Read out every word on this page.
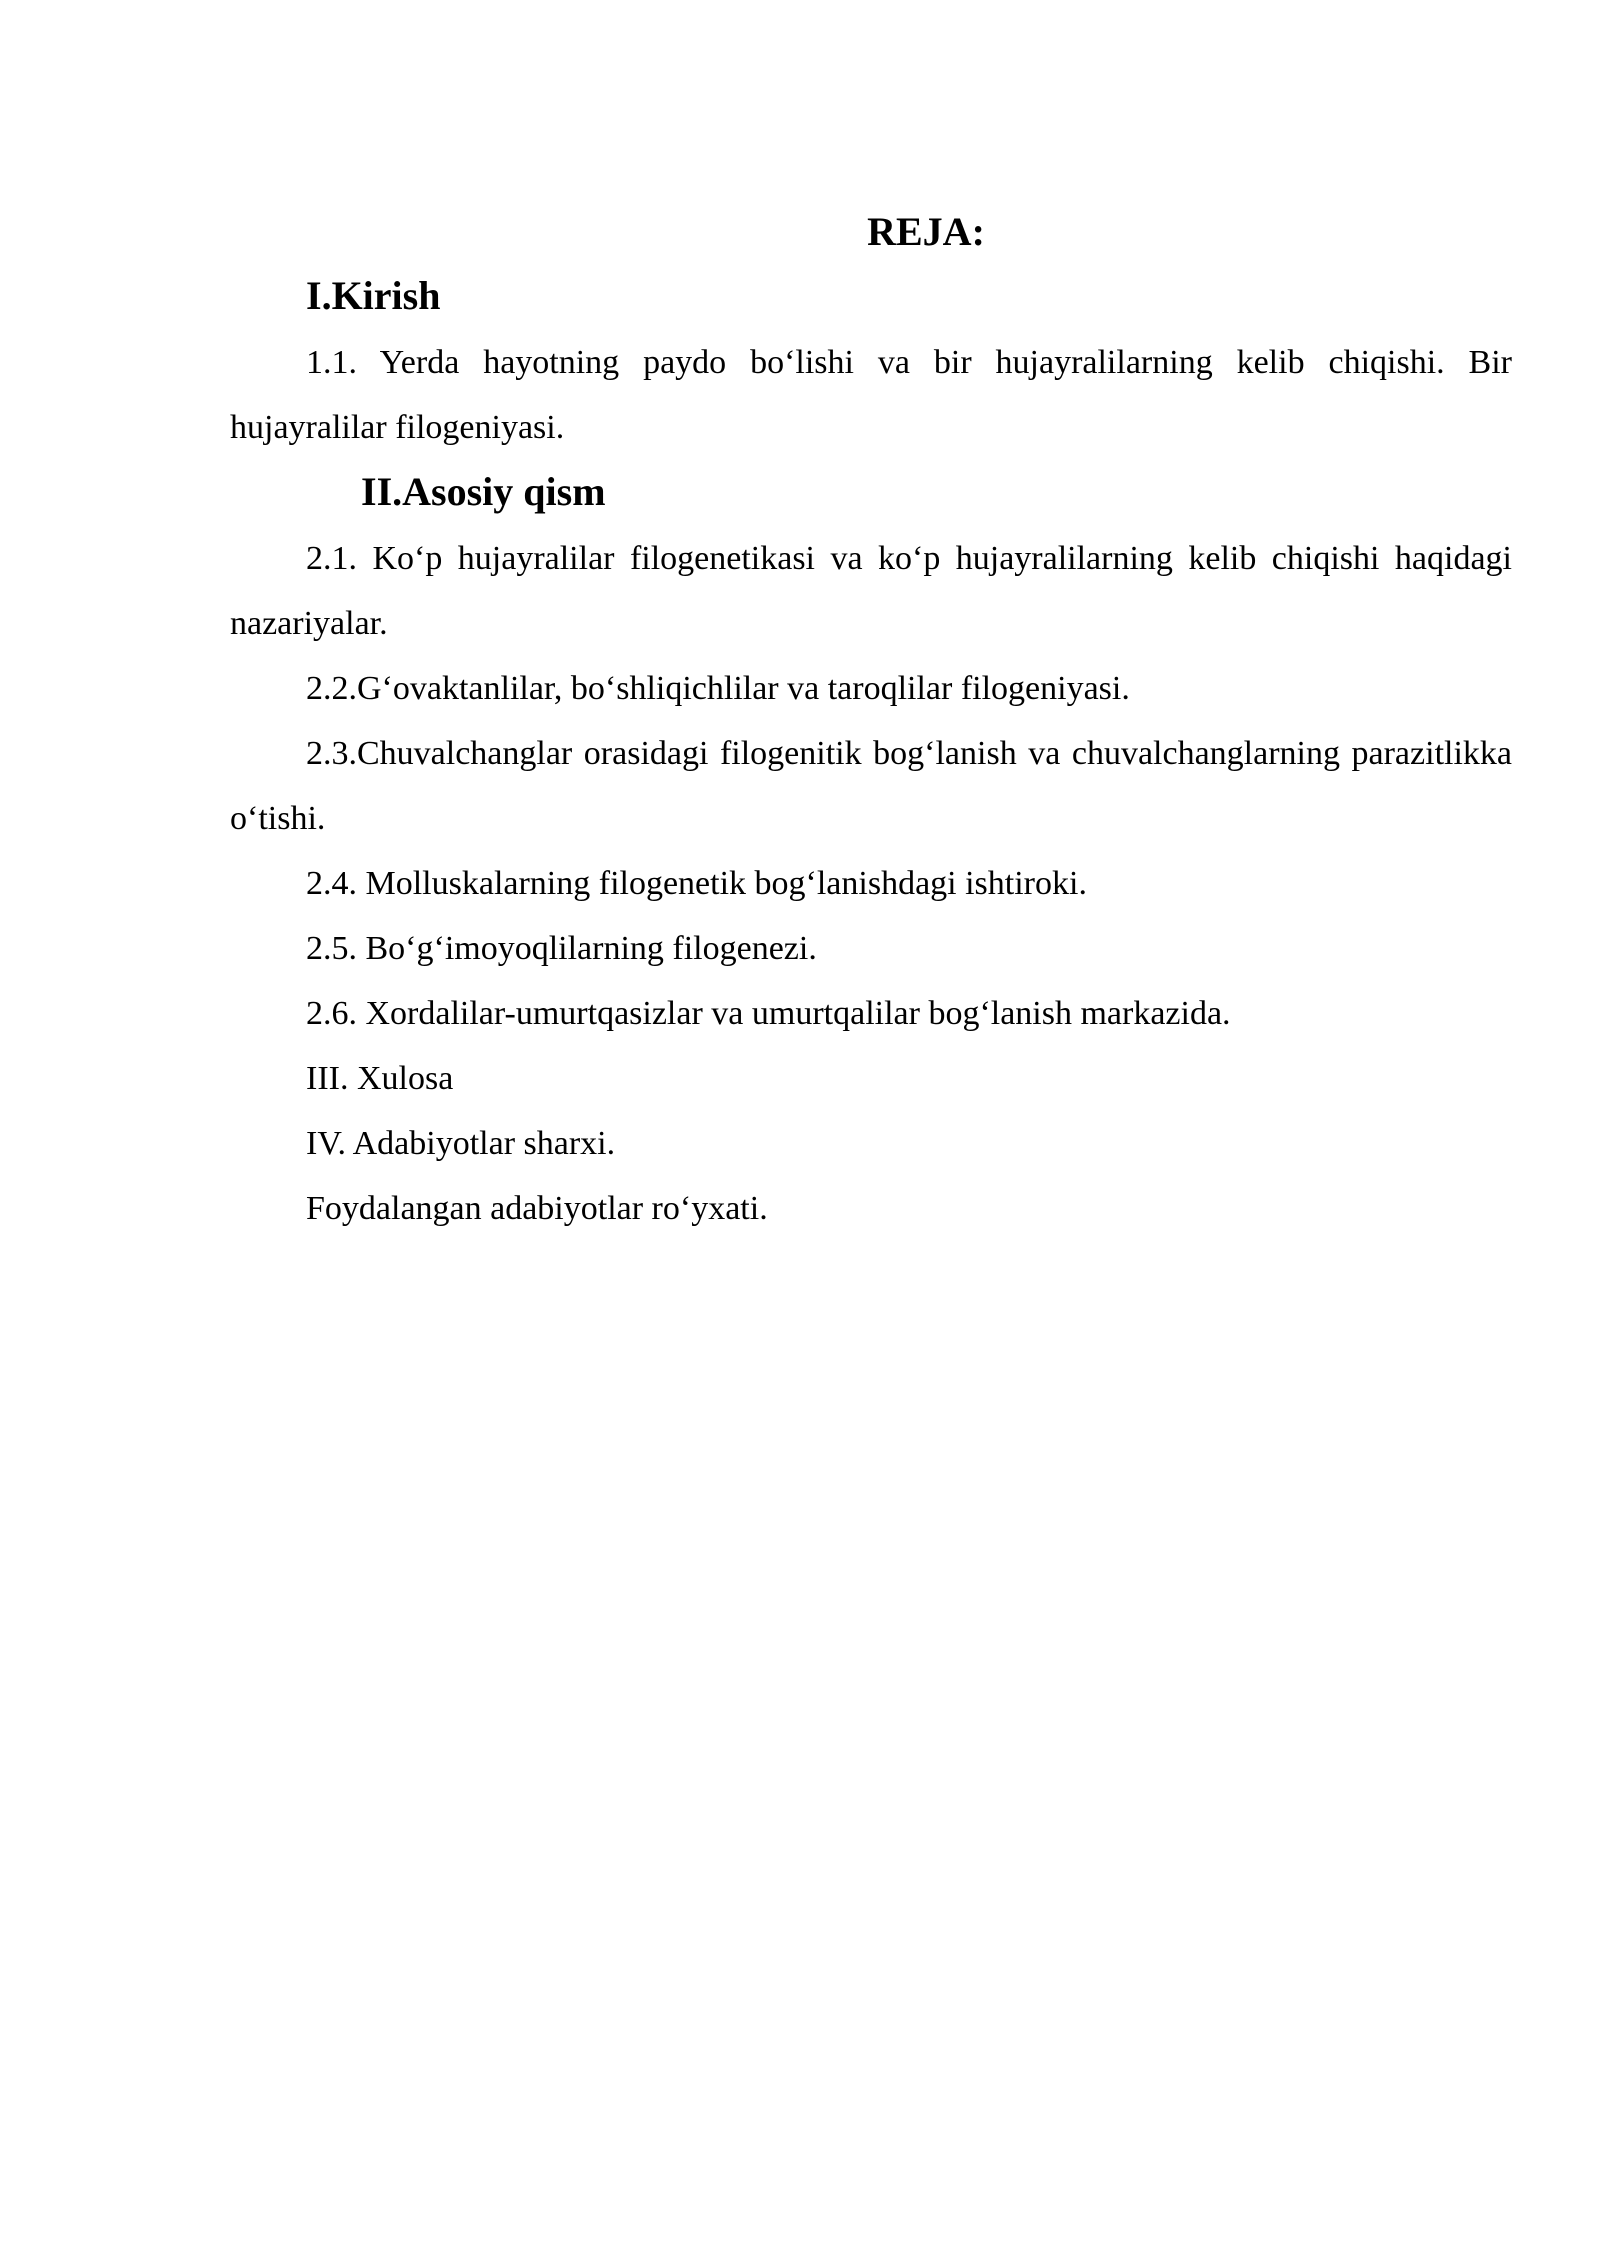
REJA:
I.Kirish

1.1. Yerda hayotning paydo bo‘lishi va bir hujayralilarning kelib chiqishi. Bir hujayralilar filogeniyasi.

II.Asosiy qism

2.1. Ko‘p hujayralilar filogenetikasi va ko‘p hujayralilarning kelib chiqishi haqidagi nazariyalar.

2.2.G‘ovaktanlilar, bo‘shliqichlilar va taroqlilar filogeniyasi.

2.3.Chuvalchanglar orasidagi filogenitik bog‘lanish va chuvalchanglarning parazitlikka o‘tishi.

2.4. Molluskalarning filogenetik bog‘lanishdagi ishtiroki.

2.5. Bo‘g‘imoyoqlilarning filogenezi.

2.6. Xordalilar-umurtqasizlar va umurtqalilar bog‘lanish markazida.

III. Xulosa

IV. Adabiyotlar sharxi.

Foydalangan adabiyotlar ro‘yxati.
